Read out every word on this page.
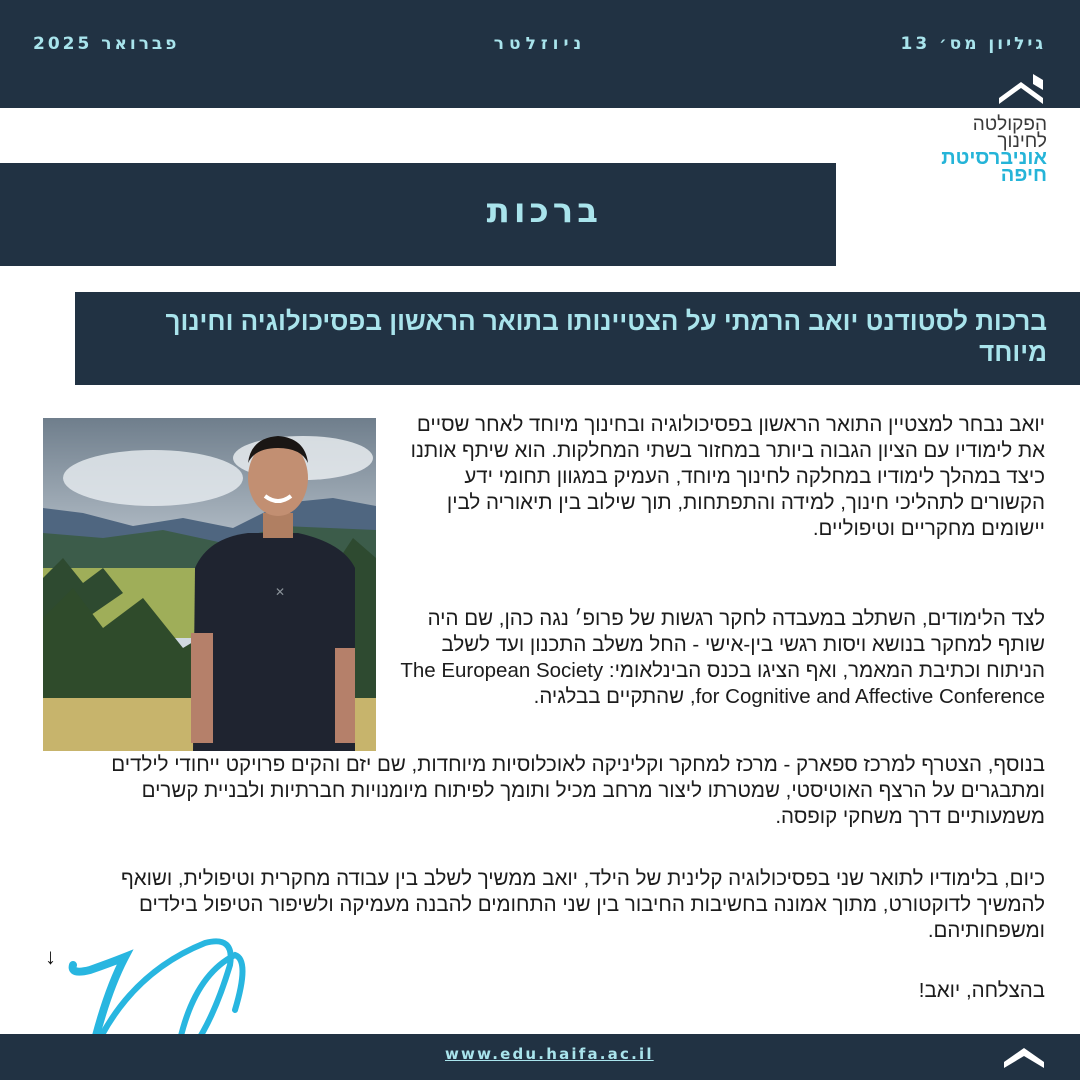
גיליון מס׳ 13
ניוזלטר
פברואר 2025
הפקולטה
לחינוך
אוניברסיטת
חיפה
ברכות
ברכות לסטודנט יואב הרמתי על הצטיינותו בתואר הראשון בפסיכולוגיה וחינוך מיוחד
✕

יואב נבחר למצטיין התואר הראשון בפסיכולוגיה ובחינוך מיוחד לאחר שסיים את לימודיו עם הציון הגבוה ביותר במחזור בשתי המחלקות. הוא שיתף אותנו כיצד במהלך לימודיו במחלקה לחינוך מיוחד, העמיק במגוון תחומי ידע הקשורים לתהליכי חינוך, למידה והתפתחות, תוך שילוב בין תיאוריה לבין יישומים מחקריים וטיפוליים.

לצד הלימודים, השתלב במעבדה לחקר רגשות של פרופ׳ נגה כהן, שם היה שותף למחקר בנושא ויסות רגשי בין-אישי - החל משלב התכנון ועד לשלב הניתוח וכתיבת המאמר, ואף הציגו בכנס הבינלאומי: The European Society for Cognitive and Affective Conference, שהתקיים בבלגיה.

בנוסף, הצטרף למרכז ספארק - מרכז למחקר וקליניקה לאוכלוסיות מיוחדות, שם יזם והקים פרויקט ייחודי לילדים ומתבגרים על הרצף האוטיסטי, שמטרתו ליצור מרחב מכיל ותומך לפיתוח מיומנויות חברתיות ולבניית קשרים משמעותיים דרך משחקי קופסה.

כיום, בלימודיו לתואר שני בפסיכולוגיה קלינית של הילד, יואב ממשיך לשלב בין עבודה מחקרית וטיפולית, ושואף להמשיך לדוקטורט, מתוך אמונה בחשיבות החיבור בין שני התחומים להבנה מעמיקה ולשיפור הטיפול בילדים ומשפחותיהם.

בהצלחה, יואב!

↓
www.edu.haifa.ac.il
